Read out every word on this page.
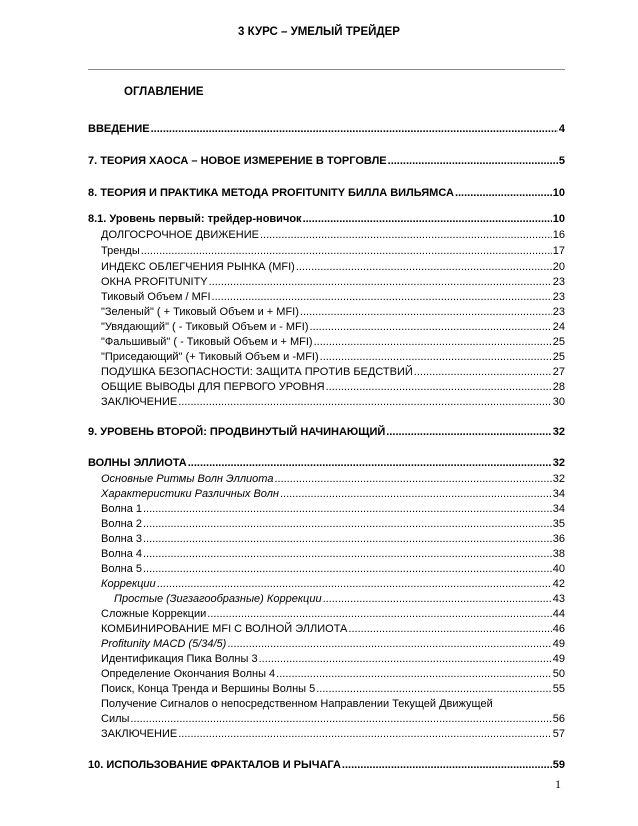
3 КУРС – УМЕЛЫЙ ТРЕЙДЕР
ОГЛАВЛЕНИЕ
ВВЕДЕНИЕ .....	4
7. ТЕОРИЯ ХАОСА – НОВОЕ ИЗМЕРЕНИЕ В ТОРГОВЛЕ .....	5
8. ТЕОРИЯ И ПРАКТИКА МЕТОДА PROFITUNITY БИЛЛА ВИЛЬЯМСА .....	10
8.1. Уровень первый: трейдер-новичок .....	10
ДОЛГОСРОЧНОЕ ДВИЖЕНИЕ .....	16
Тренды .....	17
ИНДЕКС ОБЛЕГЧЕНИЯ РЫНКА (MFI) .....	20
ОКНА PROFITUNITY .....	23
Тиковый Объем / MFI .....	23
"Зеленый" ( + Тиковый Объем и + MFI) .....	23
"Увядающий" ( - Тиковый Объем и - MFI) .....	24
"Фальшивый" ( - Тиковый Объем и + MFI) .....	25
"Приседающий" (+ Тиковый Объем и -MFI) .....	25
ПОДУШКА БЕЗОПАСНОСТИ: ЗАЩИТА ПРОТИВ БЕДСТВИЙ .....	27
ОБЩИЕ ВЫВОДЫ ДЛЯ ПЕРВОГО УРОВНЯ .....	28
ЗАКЛЮЧЕНИЕ .....	30
9. УРОВЕНЬ ВТОРОЙ: ПРОДВИНУТЫЙ НАЧИНАЮЩИЙ .....	32
ВОЛНЫ ЭЛЛИОТА .....	32
Основные Ритмы Волн Эллиота .....	32
Характеристики Различных Волн .....	34
Волна 1 .....	34
Волна 2 .....	35
Волна 3 .....	36
Волна 4 .....	38
Волна 5 .....	40
Коррекции .....	42
Простые (Зигзагообразные) Коррекции .....	43
Сложные Коррекции .....	44
КОМБИНИРОВАНИЕ MFI С ВОЛНОЙ ЭЛЛИОТА .....	46
Profitunity MACD (5/34/5) .....	49
Идентификация Пика Волны 3 .....	49
Определение Окончания Волны 4 .....	50
Поиск, Конца Тренда и Вершины Волны 5 .....	55
Получение Сигналов о непосредственном Направлении Текущей Движущей
Силы .....	56
ЗАКЛЮЧЕНИЕ .....	57
10. ИСПОЛЬЗОВАНИЕ ФРАКТАЛОВ И РЫЧАГА .....	59
1
